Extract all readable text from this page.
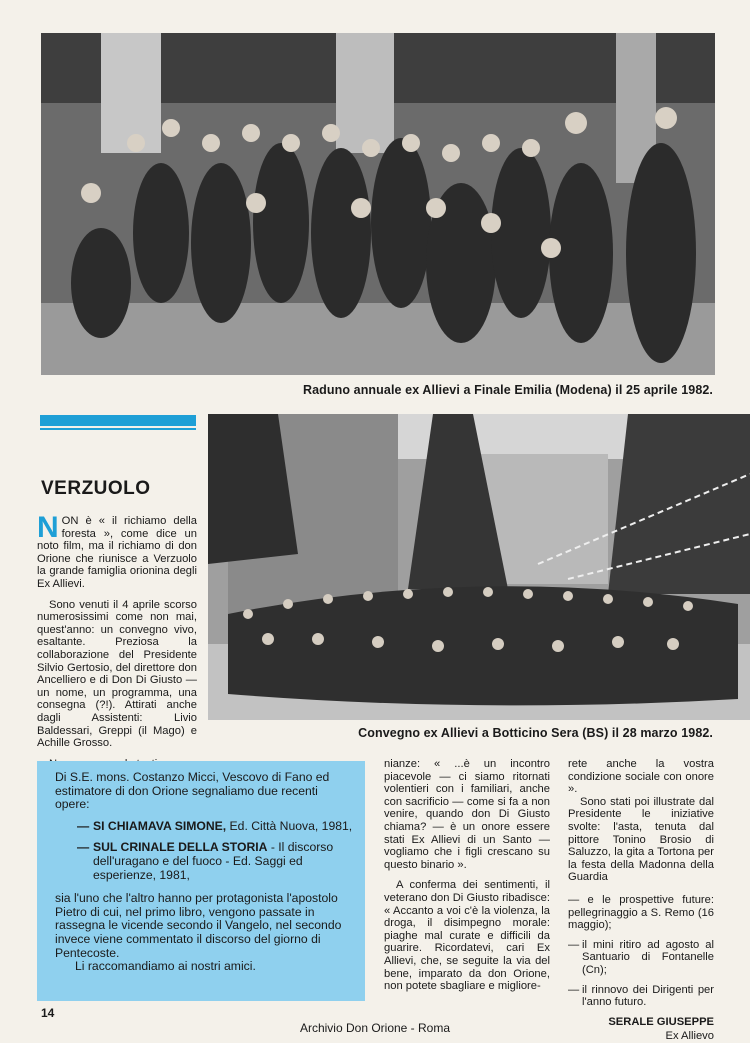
Raduno annuale ex Allievi a Finale Emilia (Modena) il 25 aprile 1982.
Convegno ex Allievi a Botticino Sera (BS) il 28 marzo 1982.
VERZUOLO

NON è « il richiamo della foresta », come dice un noto film, ma il richiamo di don Orione che riunisce a Verzuolo la grande famiglia orionina degli Ex Allievi.

Sono venuti il 4 aprile scorso numerosissimi come non mai, quest'anno: un convegno vivo, esaltante. Preziosa la collaborazione del Presidente Silvio Gertosio, del direttore don Ancelliero e di Don Di Giusto — un nome, un programma, una consegna (?!). Attirati anche dagli Assistenti: Livio Baldessari, Greppi (il Mago) e Achille Grosso.

Di S.E. mons. Costanzo Micci, Vescovo di Fano ed estimatore di don Orione segnaliamo due recenti opere:

— SI CHIAMAVA SIMONE, Ed. Città Nuova, 1981,
— SUL CRINALE DELLA STORIA - Il discorso dell'uragano e del fuoco - Ed. Saggi ed esperienze, 1981,

sia l'uno che l'altro hanno per protagonista l'apostolo Pietro di cui, nel primo libro, vengono passate in rassegna le vicende secondo il Vangelo, nel secondo invece viene commentato il discorso del giorno di Pentecoste.

Li raccomandiamo ai nostri amici.

nianze: « ...è un incontro piacevole — ci siamo ritornati volentieri con i familiari, anche con sacrificio — come si fa a non venire, quando don Di Giusto chiama? — è un onore essere stati Ex Allievi di un Santo — vogliamo che i figli crescano su questo binario ».

A conferma dei sentimenti, il veterano don Di Giusto ribadisce: « Accanto a voi c'è la violenza, la droga, il disimpegno morale: piaghe mal curate e difficili da guarire. Ricordatevi, cari Ex Allievi, che, se seguite la via del bene, imparato da don Orione, non potete sbagliare e migliore-

rete anche la vostra condizione sociale con onore ».

Sono stati poi illustrate dal Presidente le iniziative svolte: l'asta, tenuta dal pittore Tonino Brosio di Saluzzo, la gita a Tortona per la festa della Madonna della Guardia

— e le prospettive future: pellegrinaggio a S. Remo (16 maggio);

— il mini ritiro ad agosto al Santuario di Fontanelle (Cn);
— il rinnovo dei Dirigenti per l'anno futuro.
SERALE GIUSEPPE
Ex Allievo
14
Archivio Don Orione - Roma
